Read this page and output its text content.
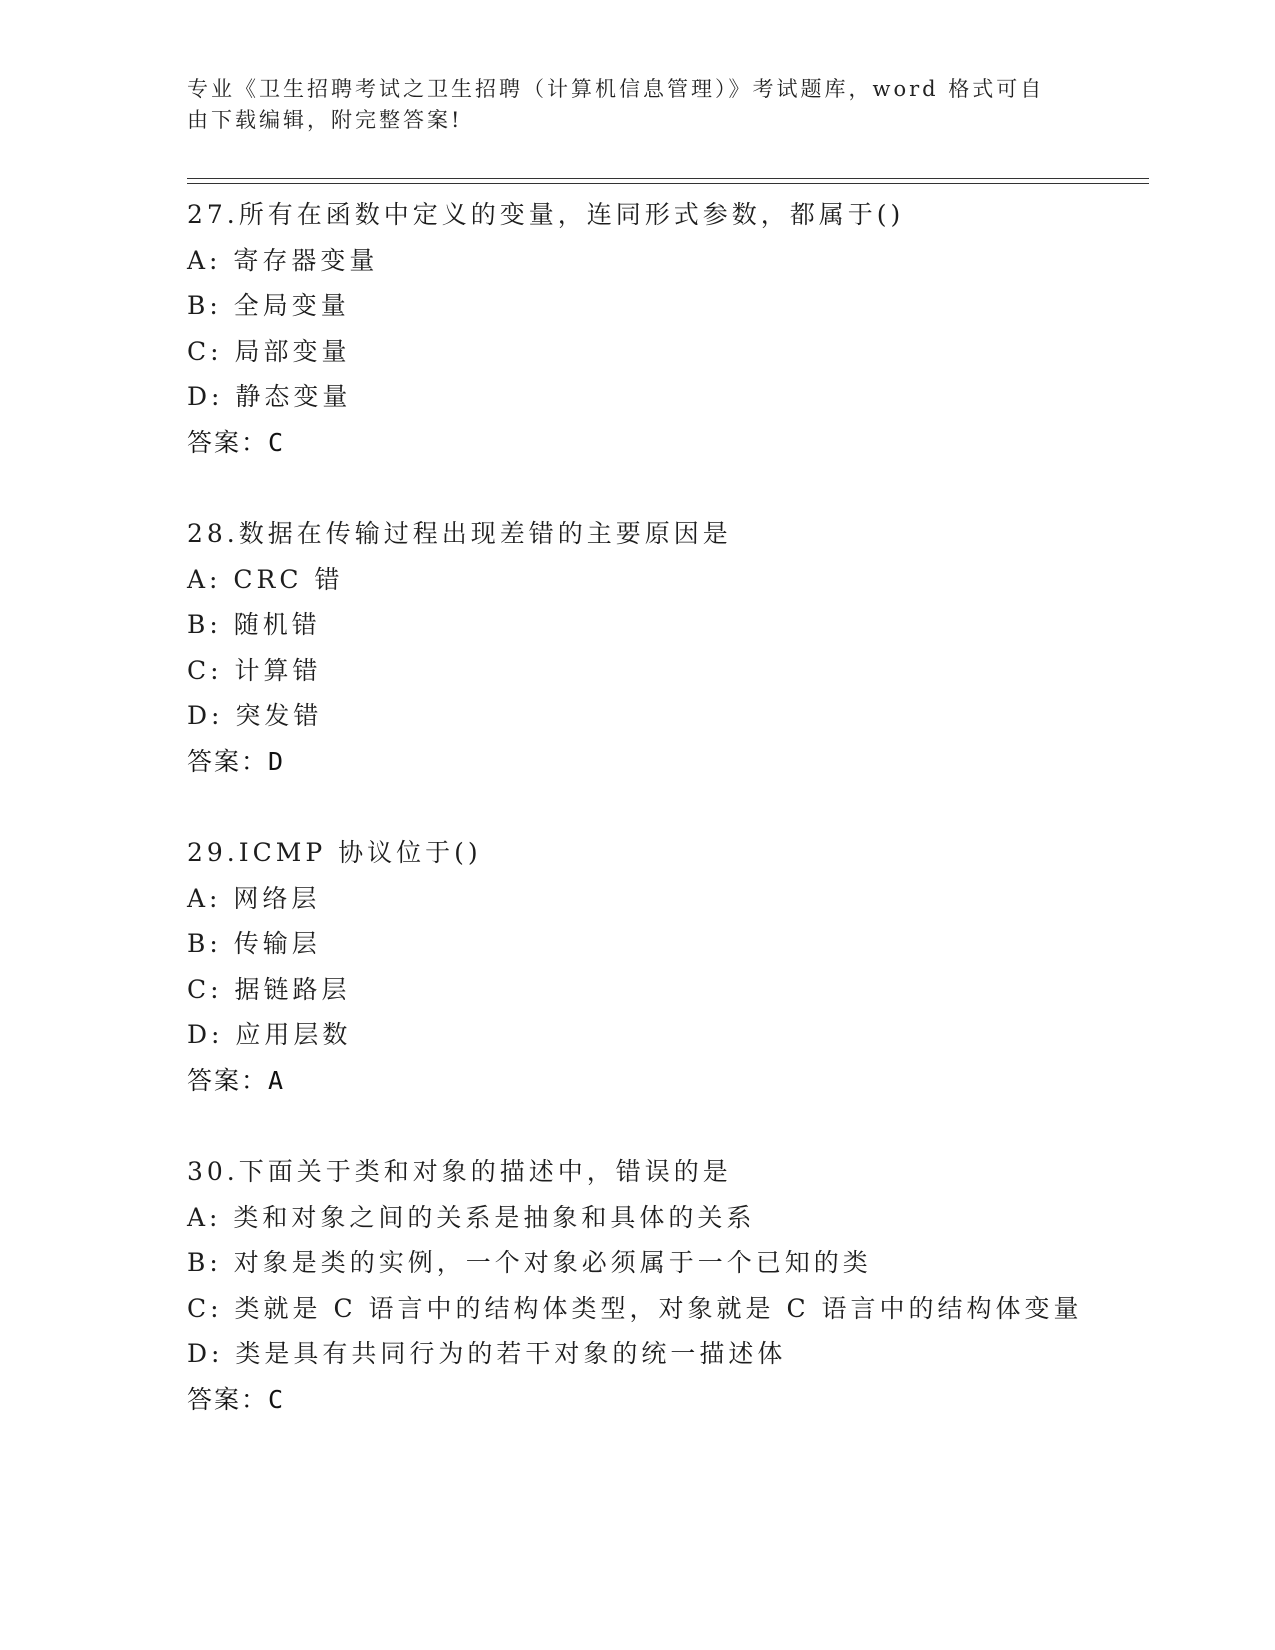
专业《卫生招聘考试之卫生招聘（计算机信息管理）》考试题库，word 格式可自
由下载编辑，附完整答案!
27.所有在函数中定义的变量，连同形式参数，都属于()
A: 寄存器变量
B: 全局变量
C: 局部变量
D: 静态变量
答案：C
28.数据在传输过程出现差错的主要原因是
A: CRC 错
B: 随机错
C: 计算错
D: 突发错
答案：D
29.ICMP 协议位于()
A: 网络层
B: 传输层
C: 据链路层
D: 应用层数
答案：A
30.下面关于类和对象的描述中，错误的是
A: 类和对象之间的关系是抽象和具体的关系
B: 对象是类的实例，一个对象必须属于一个已知的类
C: 类就是 C 语言中的结构体类型，对象就是 C 语言中的结构体变量
D: 类是具有共同行为的若干对象的统一描述体
答案：C
